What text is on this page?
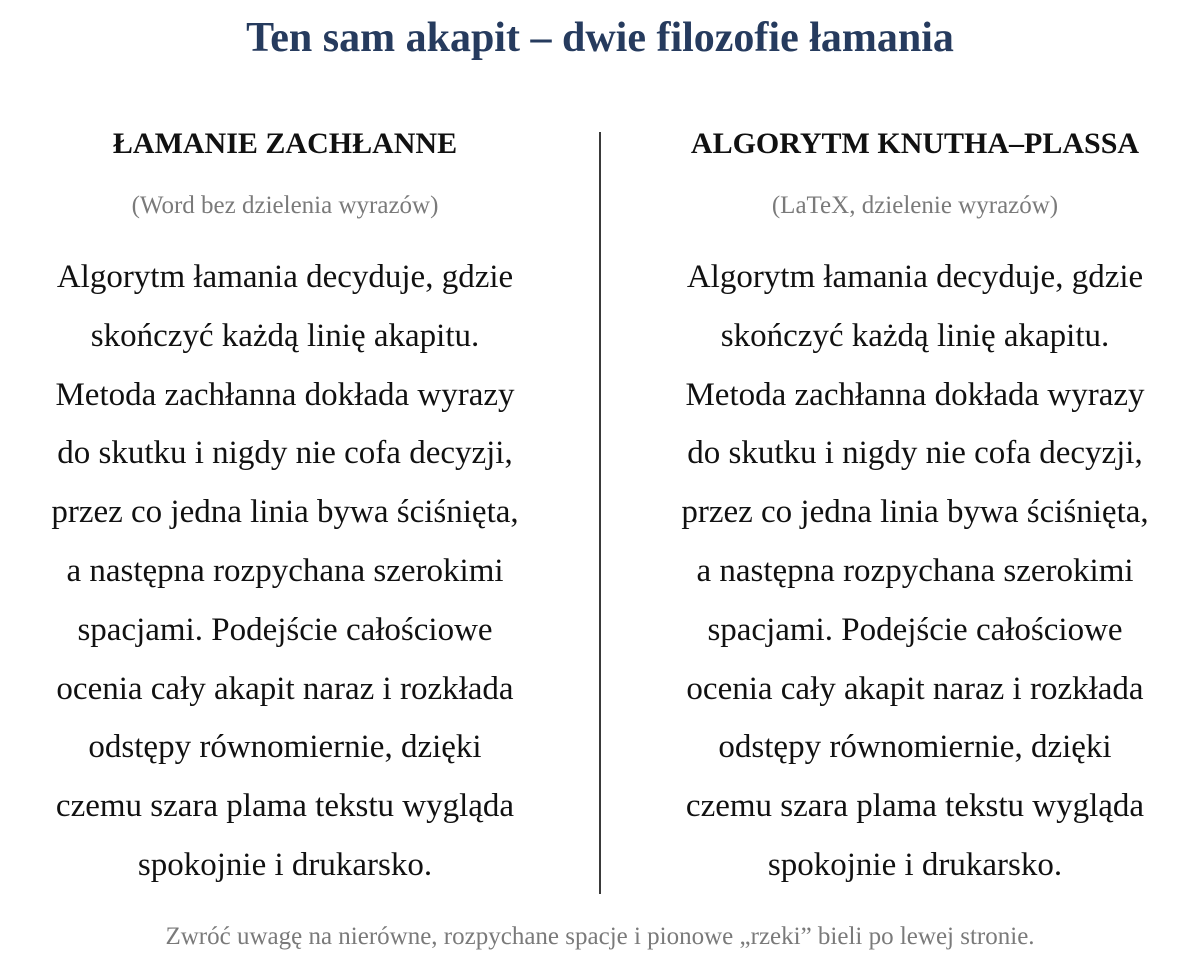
Ten sam akapit – dwie filozofie łamania
ŁAMANIE ZACHŁANNE
(Word bez dzielenia wyrazów)
Algorytm łamania decyduje, gdzie
skończyć każdą linię akapitu.
Metoda zachłanna dokłada wyrazy
do skutku i nigdy nie cofa decyzji,
przez co jedna linia bywa ściśnięta,
a następna rozpychana szerokimi
spacjami. Podejście całościowe
ocenia cały akapit naraz i rozkłada
odstępy równomiernie, dzięki
czemu szara plama tekstu wygląda
spokojnie i drukarsko.
ALGORYTM KNUTHA–PLASSA
(LaTeX, dzielenie wyrazów)
Algorytm łamania decyduje, gdzie
skończyć każdą linię akapitu.
Metoda zachłanna dokłada wyrazy
do skutku i nigdy nie cofa decyzji,
przez co jedna linia bywa ściśnięta,
a następna rozpychana szerokimi
spacjami. Podejście całościowe
ocenia cały akapit naraz i rozkłada
odstępy równomiernie, dzięki
czemu szara plama tekstu wygląda
spokojnie i drukarsko.
Zwróć uwagę na nierówne, rozpychane spacje i pionowe „rzeki” bieli po lewej stronie.
